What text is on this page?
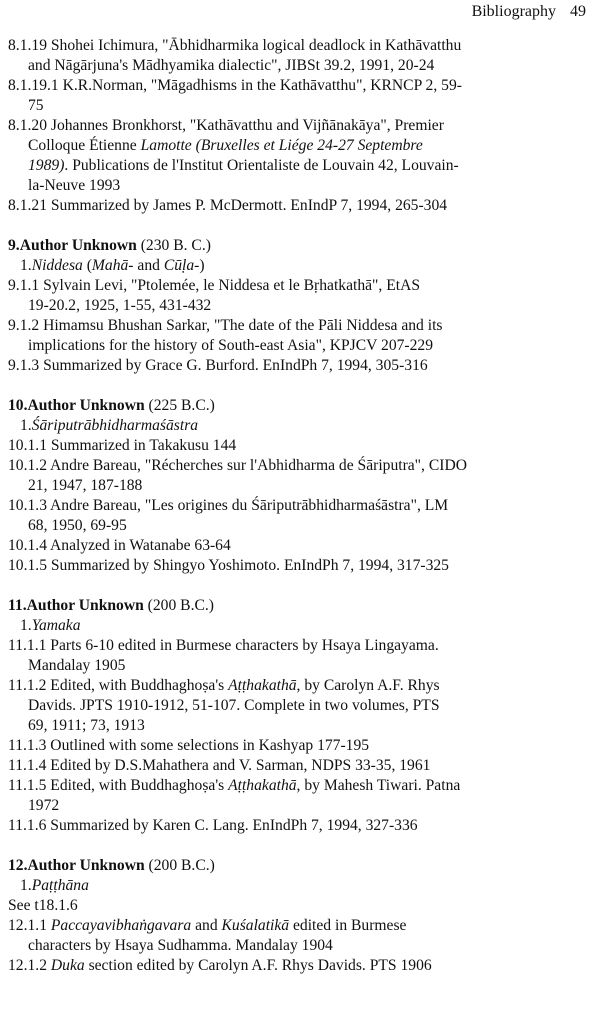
Bibliography 49
8.1.19 Shohei Ichimura, "Ābhidharmika logical deadlock in Kathāvatthu
and Nāgārjuna's Mādhyamika dialectic", JIBSt 39.2, 1991, 20-24
8.1.19.1 K.R.Norman, "Māgadhisms in the Kathāvatthu", KRNCP 2, 59-
75
8.1.20 Johannes Bronkhorst, "Kathāvatthu and Vijñānakāya", Premier
Colloque Étienne Lamotte (Bruxelles et Liége 24-27 Septembre
1989). Publications de l'Institut Orientaliste de Louvain 42, Louvain-
la-Neuve 1993
8.1.21 Summarized by James P. McDermott. EnIndP 7, 1994, 265-304
9.Author Unknown (230 B. C.)
1.Niddesa (Mahā- and Cūḷa-)
9.1.1 Sylvain Levi, "Ptolemée, le Niddesa et le Bṛhatkathā", EtAS
19-20.2, 1925, 1-55, 431-432
9.1.2 Himamsu Bhushan Sarkar, "The date of the Pāli Niddesa and its
implications for the history of South-east Asia", KPJCV 207-229
9.1.3 Summarized by Grace G. Burford. EnIndPh 7, 1994, 305-316
10.Author Unknown (225 B.C.)
1.Śāriputrābhidharmaśāstra
10.1.1 Summarized in Takakusu 144
10.1.2 Andre Bareau, "Récherches sur l'Abhidharma de Śāriputra", CIDO
21, 1947, 187-188
10.1.3 Andre Bareau, "Les origines du Śāriputrābhidharmaśāstra", LM
68, 1950, 69-95
10.1.4 Analyzed in Watanabe 63-64
10.1.5 Summarized by Shingyo Yoshimoto. EnIndPh 7, 1994, 317-325
11.Author Unknown (200 B.C.)
1.Yamaka
11.1.1 Parts 6-10 edited in Burmese characters by Hsaya Lingayama.
Mandalay 1905
11.1.2 Edited, with Buddhaghoṣa's Aṭṭhakathā, by Carolyn A.F. Rhys
Davids. JPTS 1910-1912, 51-107. Complete in two volumes, PTS
69, 1911; 73, 1913
11.1.3 Outlined with some selections in Kashyap 177-195
11.1.4 Edited by D.S.Mahathera and V. Sarman, NDPS 33-35, 1961
11.1.5 Edited, with Buddhaghoṣa's Aṭṭhakathā, by Mahesh Tiwari. Patna
1972
11.1.6 Summarized by Karen C. Lang. EnIndPh 7, 1994, 327-336
12.Author Unknown (200 B.C.)
1.Paṭṭhāna
See t18.1.6
12.1.1 Paccayavibhaṅgavara and Kuśalatikā edited in Burmese
characters by Hsaya Sudhamma. Mandalay 1904
12.1.2 Duka section edited by Carolyn A.F. Rhys Davids. PTS 1906
